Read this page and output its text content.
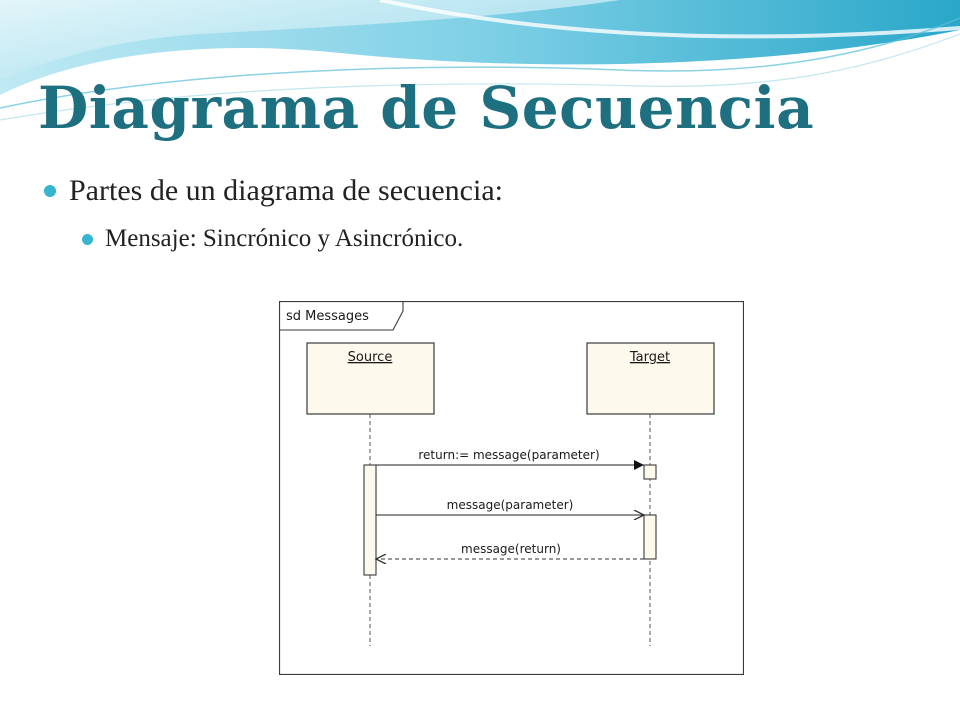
Diagrama de Secuencia
Partes de un diagrama de secuencia:
Mensaje: Sincrónico y Asincrónico.
sd Messages
Source	Target
return:= message(parameter)
message(parameter)
message(return)
